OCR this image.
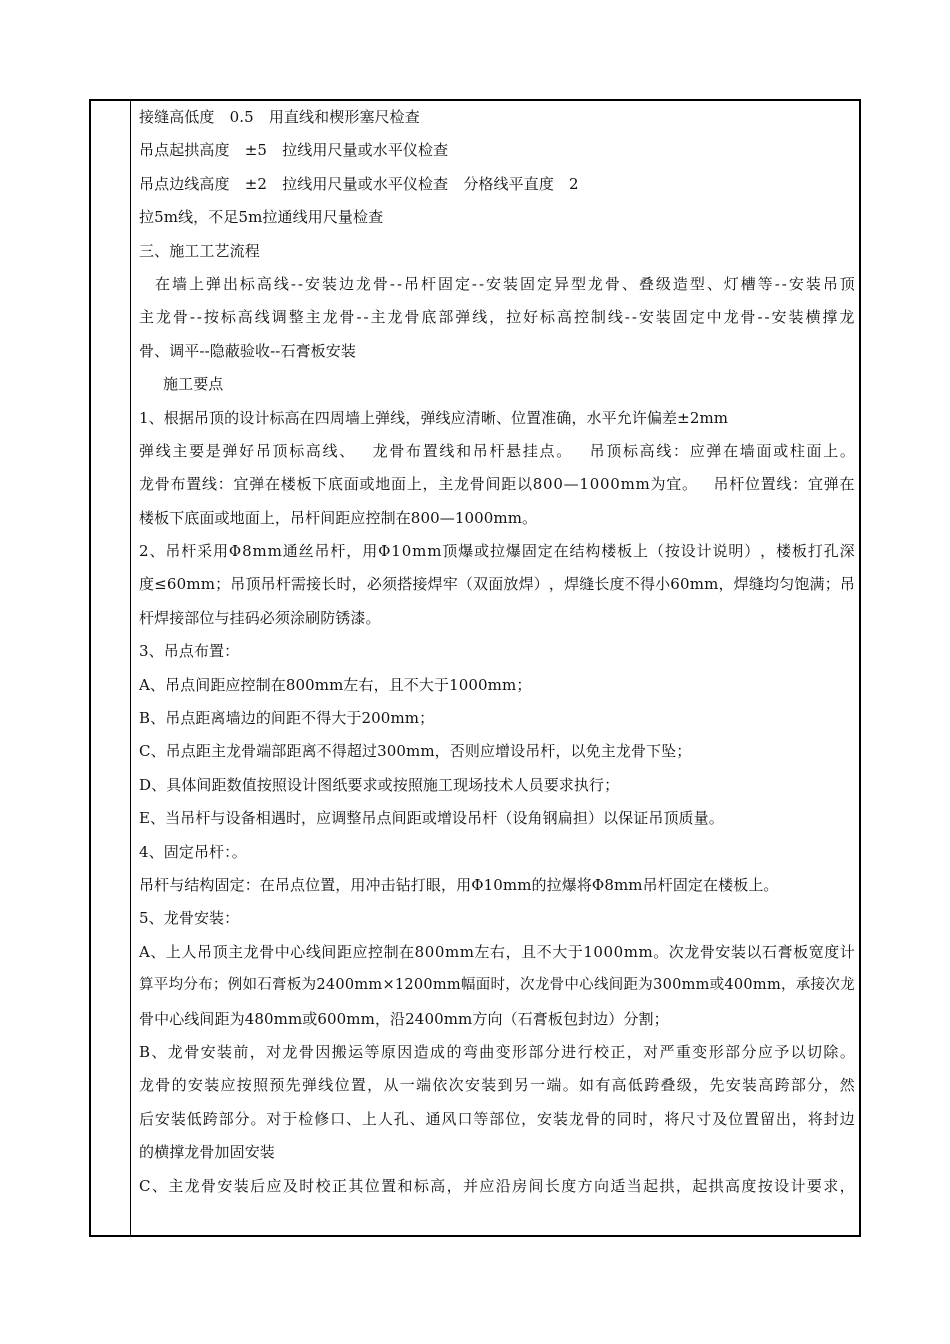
接缝高低度　0.5　用直线和楔形塞尺检查
吊点起拱高度　±5　拉线用尺量或水平仪检查
吊点边线高度　±2　拉线用尺量或水平仪检查　分格线平直度　2
拉5m线，不足5m拉通线用尺量检查
三、施工工艺流程
在 墙 上 弹 出 标 高 线 - - 安 装 边 龙 骨 - - 吊 杆 固 定 - - 安 装 固 定 异 型 龙 骨 、 叠 级 造 型 、 灯 槽 等 - - 安 装 吊 顶
主 龙 骨 - - 按 标 高 线 调 整 主 龙 骨 - - 主 龙 骨 底 部 弹 线 ， 拉 好 标 高 控 制 线 - - 安 装 固 定 中 龙 骨 - - 安 装 横 撑 龙
骨、调平--隐蔽验收--石膏板安装
施工要点
1、根据吊顶的设计标高在四周墙上弹线，弹线应清晰、位置准确，水平允许偏差±2mm
弹 线 主 要 是 弹 好 吊 顶 标 高 线 、
　 龙 骨 布 置 线 和 吊 杆 悬 挂 点 。
　 吊 顶 标 高 线 ： 应 弹 在 墙 面 或 柱 面 上 。
龙 骨 布 置 线 ： 宜 弹 在 楼 板 下 底 面 或 地 面 上 ， 主 龙 骨 间 距 以 8 0 0 — 1 0 0 0 m m 为 宜 。
　 吊 杆 位 置 线 ： 宜 弹 在
楼板下底面或地面上，吊杆间距应控制在800—1000mm。
2 、 吊 杆 采 用 Φ 8 m m 通 丝 吊 杆 ， 用 Φ 1 0 m m 顶 爆 或 拉 爆 固 定 在 结 构 楼 板 上 （ 按 设 计 说 明 ） ， 楼 板 打 孔 深
度 ≤ 6 0 m m ； 吊 顶 吊 杆 需 接 长 时 ， 必 须 搭 接 焊 牢 （ 双 面 放 焊 ） ， 焊 缝 长 度 不 得 小 6 0 m m ， 焊 缝 均 匀 饱 满 ； 吊
杆焊接部位与挂码必须涂刷防锈漆。
3、吊点布置：
A、吊点间距应控制在800mm左右，且不大于1000mm；
B、吊点距离墙边的间距不得大于200mm；
C、吊点距主龙骨端部距离不得超过300mm，否则应增设吊杆，以免主龙骨下坠；
D、具体间距数值按照设计图纸要求或按照施工现场技术人员要求执行；
E、当吊杆与设备相遇时，应调整吊点间距或增设吊杆（设角钢扁担）以保证吊顶质量。
4、固定吊杆：。
吊杆与结构固定：在吊点位置，用冲击钻打眼，用Φ10mm的拉爆将Φ8mm吊杆固定在楼板上。
5、龙骨安装：
A 、 上 人 吊 顶 主 龙 骨 中 心 线 间 距 应 控 制 在 8 0 0 m m 左 右 ， 且 不 大 于 1 0 0 0 m m 。 次 龙 骨 安 装 以 石 膏 板 宽 度 计
算 平 均 分 布 ； 例 如 石 膏 板 为 2 4 0 0 m m × 1 2 0 0 m m 幅 面 时 ， 次 龙 骨 中 心 线 间 距 为 3 0 0 m m 或 4 0 0 m m ， 承 接 次 龙
骨中心线间距为480mm或600mm，沿2400mm方向（石膏板包封边）分割；
B 、 龙 骨 安 装 前 ， 对 龙 骨 因 搬 运 等 原 因 造 成 的 弯 曲 变 形 部 分 进 行 校 正 ， 对 严 重 变 形 部 分 应 予 以 切 除 。
龙 骨 的 安 装 应 按 照 预 先 弹 线 位 置 ， 从 一 端 依 次 安 装 到 另 一 端 。 如 有 高 低 跨 叠 级 ， 先 安 装 高 跨 部 分 ， 然
后 安 装 低 跨 部 分 。 对 于 检 修 口 、 上 人 孔 、 通 风 口 等 部 位 ， 安 装 龙 骨 的 同 时 ， 将 尺 寸 及 位 置 留 出 ， 将 封 边
的横撑龙骨加固安装
C 、 主 龙 骨 安 装 后 应 及 时 校 正 其 位 置 和 标 高 ， 并 应 沿 房 间 长 度 方 向 适 当 起 拱 ， 起 拱 高 度 按 设 计 要 求 ，
